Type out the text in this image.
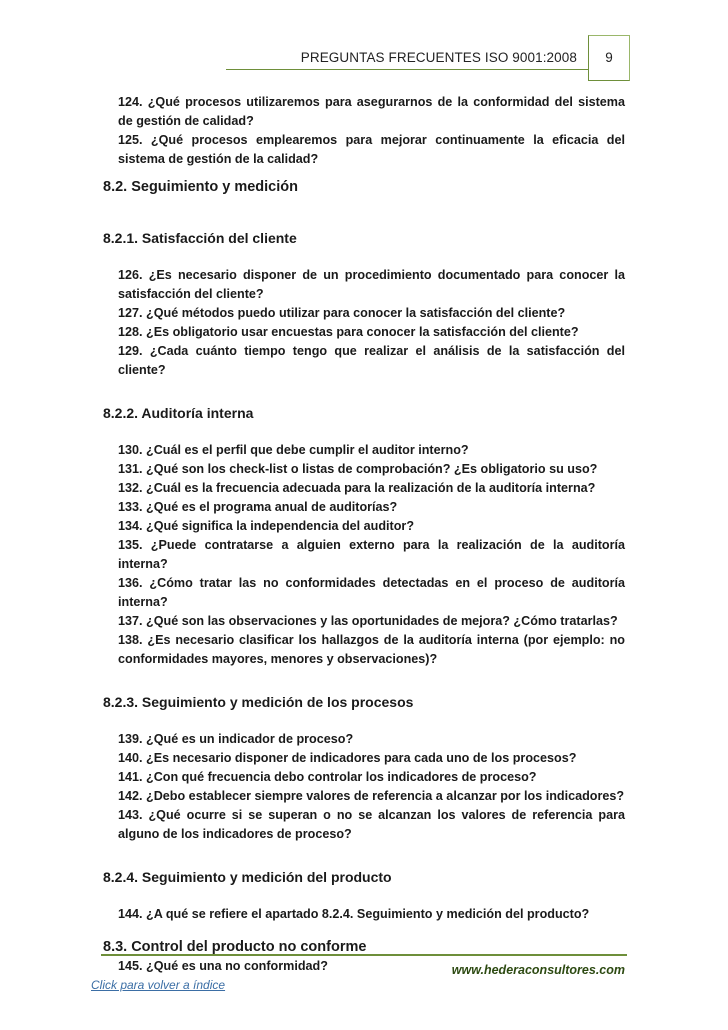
PREGUNTAS FRECUENTES ISO 9001:2008	9

124. ¿Qué procesos utilizaremos para asegurarnos de la conformidad del sistema de gestión de calidad?

125. ¿Qué procesos emplearemos para mejorar continuamente la eficacia del sistema de gestión de la calidad?

8.2. Seguimiento y medición
8.2.1. Satisfacción del cliente

126. ¿Es necesario disponer de un procedimiento documentado para conocer la satisfacción del cliente?

127. ¿Qué métodos puedo utilizar para conocer la satisfacción del cliente?

128. ¿Es obligatorio usar encuestas para conocer la satisfacción del cliente?

129. ¿Cada cuánto tiempo tengo que realizar el análisis de la satisfacción del cliente?

8.2.2. Auditoría interna

130. ¿Cuál es el perfil que debe cumplir el auditor interno?

131. ¿Qué son los check-list o listas de comprobación? ¿Es obligatorio su uso?

132. ¿Cuál es la frecuencia adecuada para la realización de la auditoría interna?

133. ¿Qué es el programa anual de auditorías?

134. ¿Qué significa la independencia del auditor?

135. ¿Puede contratarse a alguien externo para la realización de la auditoría interna?

136. ¿Cómo tratar las no conformidades detectadas en el proceso de auditoría interna?

137. ¿Qué son las observaciones y las oportunidades de mejora? ¿Cómo tratarlas?

138. ¿Es necesario clasificar los hallazgos de la auditoría interna (por ejemplo: no conformidades mayores, menores y observaciones)?

8.2.3. Seguimiento y medición de los procesos

139. ¿Qué es un indicador de proceso?

140. ¿Es necesario disponer de indicadores para cada uno de los procesos?

141. ¿Con qué frecuencia debo controlar los indicadores de proceso?

142. ¿Debo establecer siempre valores de referencia a alcanzar por los indicadores?

143. ¿Qué ocurre si se superan o no se alcanzan los valores de referencia para alguno de los indicadores de proceso?

8.2.4. Seguimiento y medición del producto

144. ¿A qué se refiere el apartado 8.2.4. Seguimiento y medición del producto?

8.3. Control del producto no conforme

145. ¿Qué es una no conformidad?	www.hederaconsultores.com
Click para volver a índice
